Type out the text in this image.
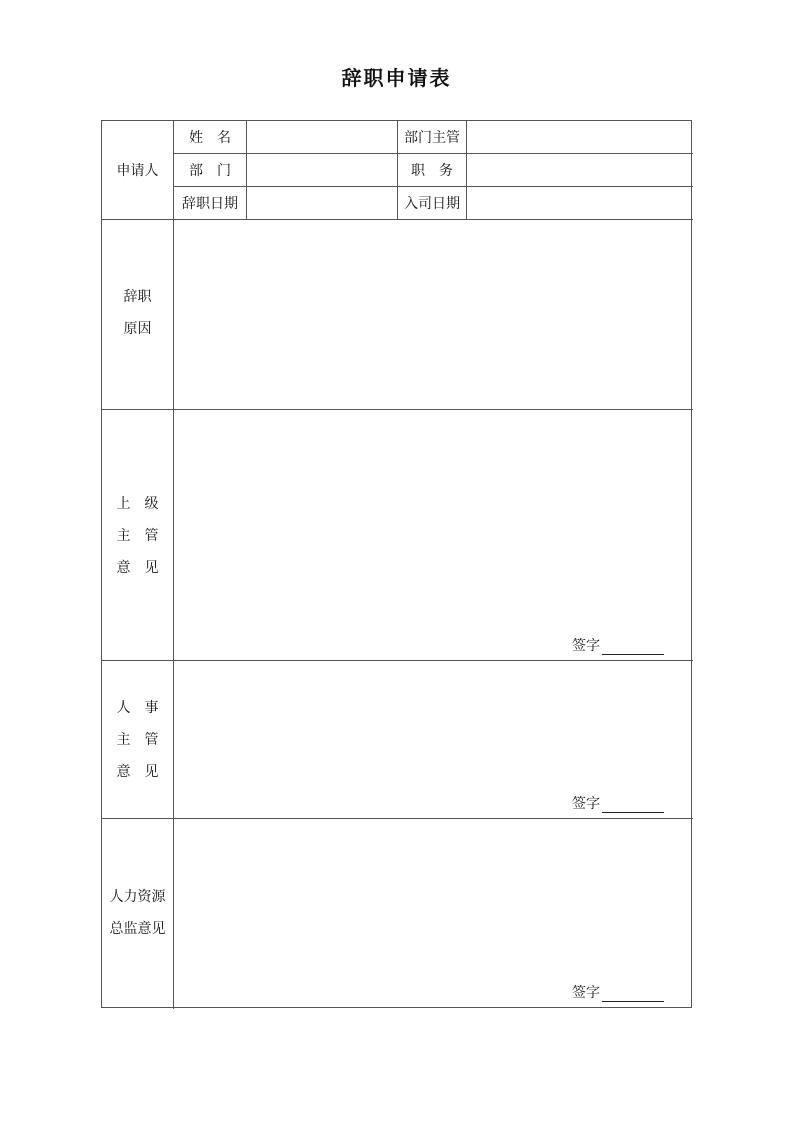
辞职申请表
申请人
姓　名	部门主管
部　门	职　务
辞职日期	入司日期
辞职
原因
上　级
主　管
意　见
签字
人　事
主　管
意　见
签字
人力资源
总监意见
签字
